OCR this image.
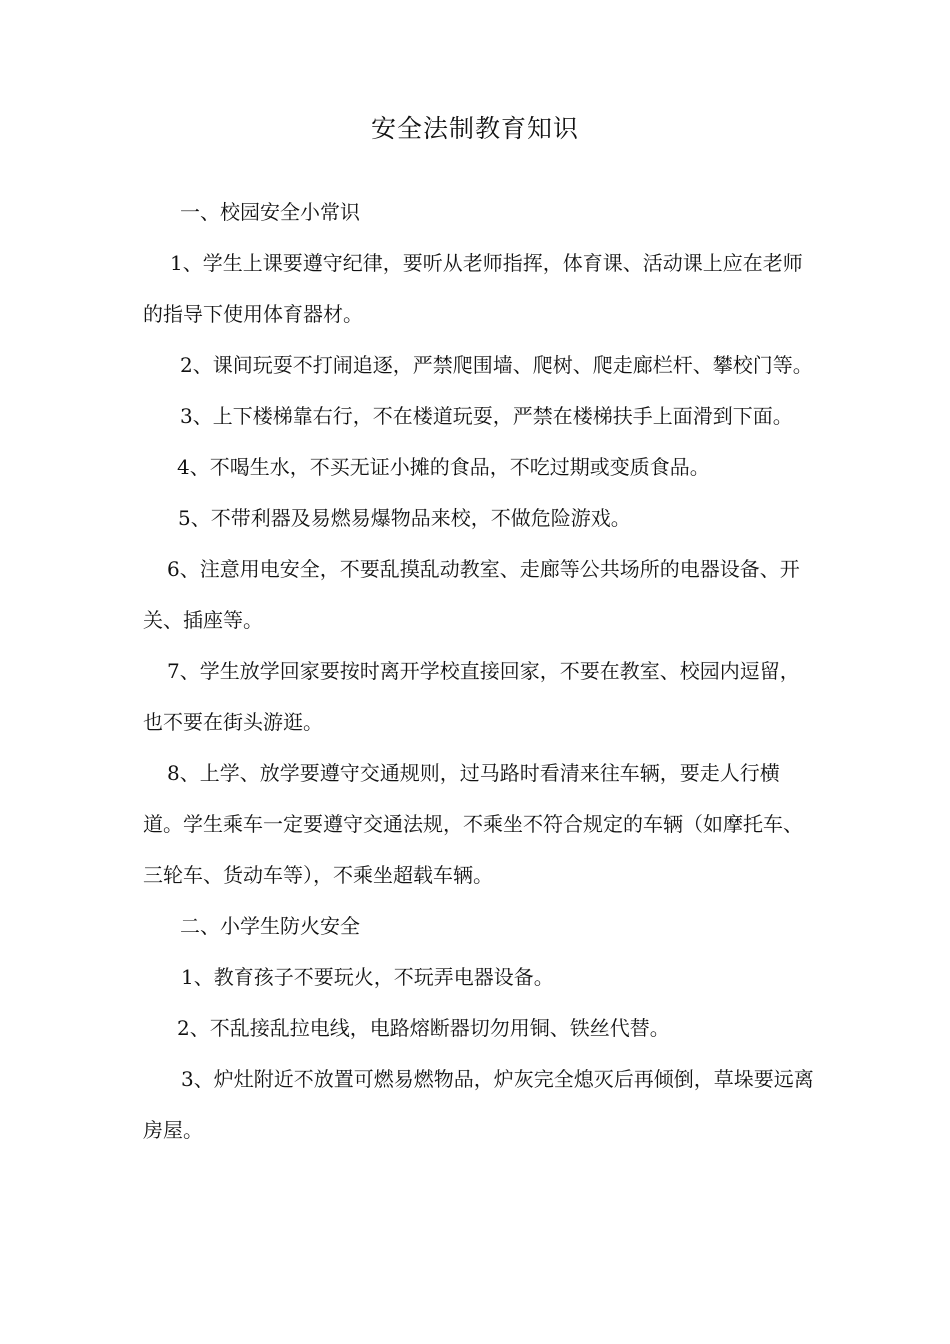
安全法制教育知识

一、校园安全小常识

1、学生上课要遵守纪律，要听从老师指挥，体育课、活动课上应在老师的指导下使用体育器材。

2、课间玩耍不打闹追逐，严禁爬围墙、爬树、爬走廊栏杆、攀校门等。

3、上下楼梯靠右行，不在楼道玩耍，严禁在楼梯扶手上面滑到下面。

4、不喝生水，不买无证小摊的食品，不吃过期或变质食品。

5、不带利器及易燃易爆物品来校，不做危险游戏。

6、注意用电安全，不要乱摸乱动教室、走廊等公共场所的电器设备、开关、插座等。

7、学生放学回家要按时离开学校直接回家，不要在教室、校园内逗留，也不要在街头游逛。

8、上学、放学要遵守交通规则，过马路时看清来往车辆，要走人行横道。学生乘车一定要遵守交通法规，不乘坐不符合规定的车辆（如摩托车、三轮车、货动车等），不乘坐超载车辆。

二、小学生防火安全

1、教育孩子不要玩火，不玩弄电器设备。

2、不乱接乱拉电线，电路熔断器切勿用铜、铁丝代替。

3、炉灶附近不放置可燃易燃物品，炉灰完全熄灭后再倾倒，草垛要远离房屋。
